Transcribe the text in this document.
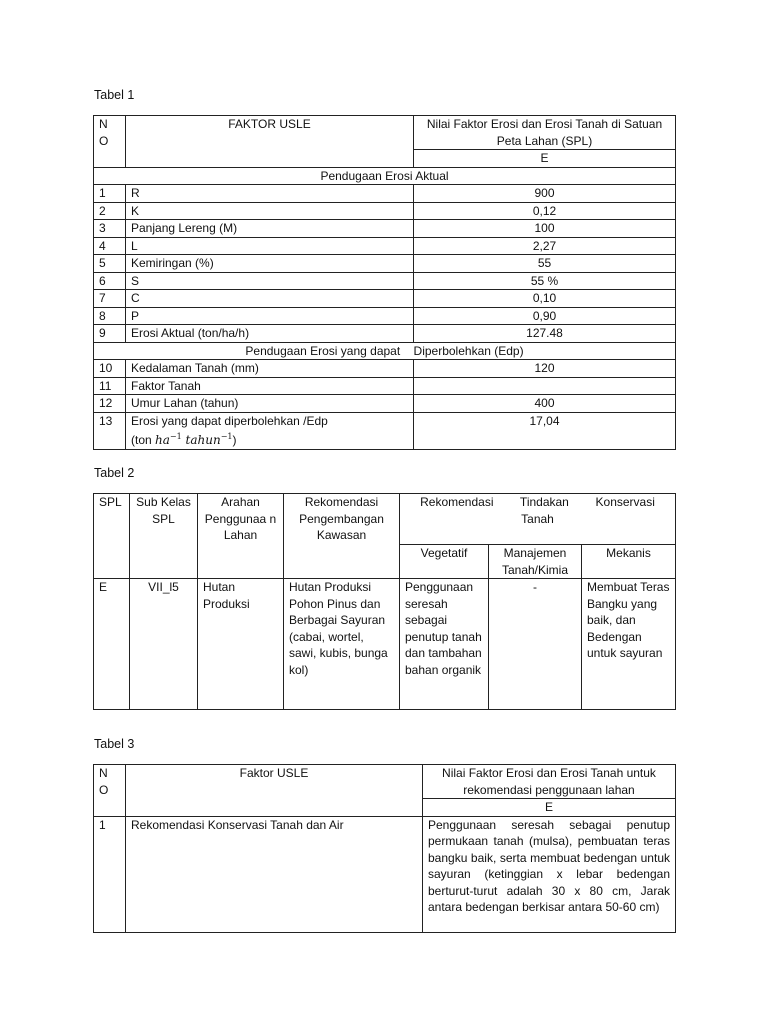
Tabel 1
N O	FAKTOR USLE	Nilai Faktor Erosi dan Erosi Tanah di Satuan Peta Lahan (SPL)
		E
Pendugaan Erosi Aktual		
1	R	900
2	K	0,12
3	Panjang Lereng (M)	100
4	L	2,27
5	Kemiringan (%)	55
6	S	55 %
7	C	0,10
8	P	0,90
9	Erosi Aktual (ton/ha/h)	127.48
Pendugaan Erosi yang dapat    Diperbolehkan (Edp)		
10	Kedalaman Tanah (mm)	120
11	Faktor Tanah	
12	Umur Lahan (tahun)	400
13	Erosi yang dapat diperbolehkan /Edp
(ton $ha^{-1}$ tahun$^{-1}$)	17,04
Tabel 2
SPL	Sub Kelas SPL	Arahan Penggunaa n Lahan	Rekomendasi Pengembangan Kawasan	Rekomendasi        Tindakan        Konservasi Tanah		
				Vegetatif	Manajemen Tanah/Kimia	Mekanis
E	VII_l5	Hutan Produksi	Hutan Produksi Pohon Pinus dan Berbagai Sayuran (cabai, wortel, sawi, kubis, bunga kol)	Penggunaan seresah sebagai penutup tanah dan tambahan bahan organik	-	Membuat Teras Bangku yang baik, dan Bedengan untuk sayuran
Tabel 3
N O	Faktor USLE	Nilai Faktor Erosi dan Erosi Tanah untuk rekomendasi penggunaan lahan
		E
1	Rekomendasi Konservasi Tanah dan Air	Penggunaan seresah sebagai penutup permukaan tanah (mulsa), pembuatan teras bangku baik, serta membuat bedengan untuk sayuran (ketinggian x lebar bedengan berturut-turut adalah 30 x 80 cm, Jarak antara bedengan berkisar antara 50-60 cm)
